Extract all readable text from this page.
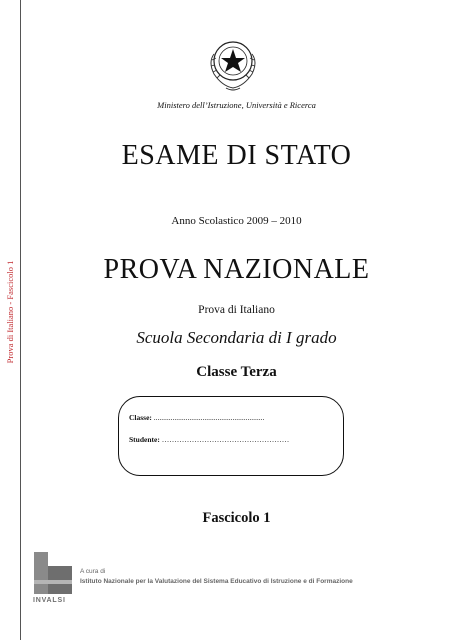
Prova di Italiano - Fascicolo 1
Ministero dell’Istruzione, Università e Ricerca
ESAME DI STATO
Anno Scolastico 2009 – 2010
PROVA NAZIONALE
Prova di Italiano
Scuola Secondaria di I grado
Classe Terza
Classe: ...........................................................
Studente: ……………………………………………
Fascicolo 1
INVALSI
A cura di
Istituto Nazionale per la Valutazione del Sistema Educativo di Istruzione e di Formazione
